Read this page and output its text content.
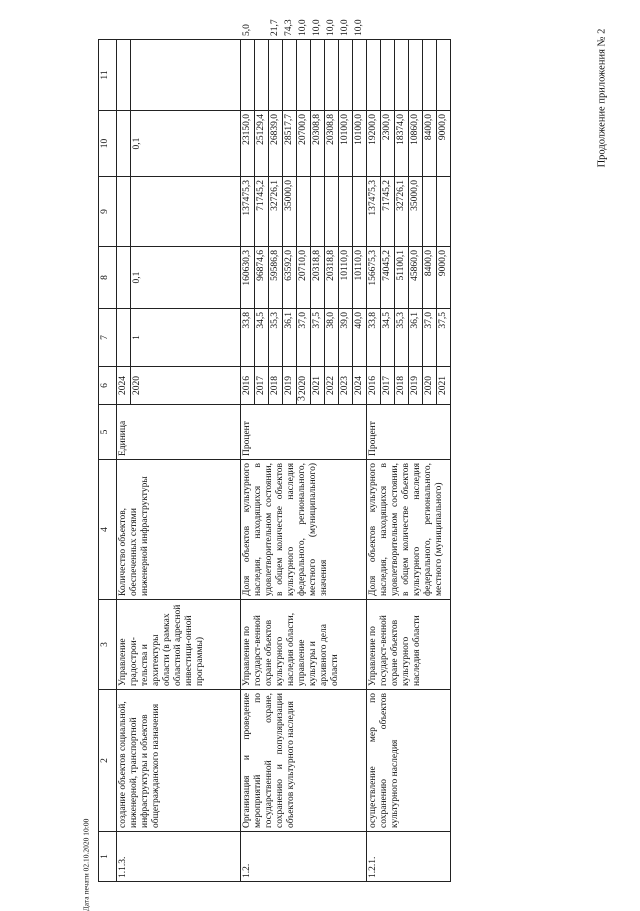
3
Продолжение приложения № 2
Дата печати 02.10.2020 10:00 1	2	3	4	5	6	7	8	9	10	11	
1.1.3.	создание объектов социальной, инженерной, транспортной инфраструктуры и объектов общегражданского назначения	Управление градострои-тельства и архитектуры области (в рамках областной адресной инвестици-онной программы)	Количество объектов, обеспеченных сетями инженерной инфраструктуры	Единица	2024						
					2020	1	0,1		0,1		
1.2.	Организация и проведение мероприятий по государственной охране, сохранению и популяризации объектов культурного наследия	Управление по государст-венной охране объектов культурного наследия области, управление культуры и архивного дела области	Доля объектов культурного наследия, находящихся в удовлетворительном состоянии, в общем количестве объектов культурного наследия федерального, регионального, местного (муниципального) значения	Процент	2016	33,8	160630,3	137475,3	23150,0		5,0
					2017	34,5	96874,6	71745,2	25129,4		
					2018	35,3	59586,8	32726,1	26839,0		21,7
					2019	36,1	63592,0	35000,0	28517,7		74,3
					2020	37,0	20710,0		20700,0		10,0
					2021	37,5	20318,8		20308,8		10,0
					2022	38,0	20318,8		20308,8		10,0
					2023	39,0	10110,0		10100,0		10,0
					2024	40,0	10110,0		10100,0		10,0
1.2.1.	осуществление мер по сохранению объектов культурного наследия	Управление по государст-венной охране объектов культурного наследия области	Доля объектов культурного наследия, находящихся в удовлетворительном состоянии, в общем количестве объектов культурного наследия федерального, регионального, местного (муниципального)	Процент	2016	33,8	156675,3	137475,3	19200,0		
					2017	34,5	74045,2	71745,2	2300,0		
					2018	35,3	51100,1	32726,1	18374,0		
					2019	36,1	45860,0	35000,0	10860,0		
					2020	37,0	8400,0		8400,0		
					2021	37,5	9000,0		9000,0		
